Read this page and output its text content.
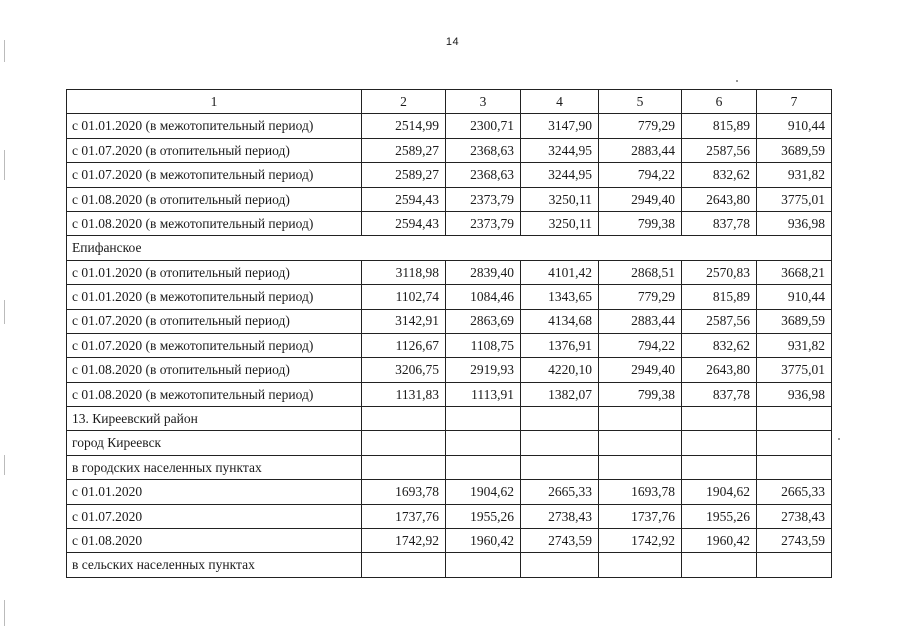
14
1	2	3	4	5	6	7
с 01.01.2020 (в межотопительный период)	2514,99	2300,71	3147,90	779,29	815,89	910,44
с 01.07.2020 (в отопительный период)	2589,27	2368,63	3244,95	2883,44	2587,56	3689,59
с 01.07.2020 (в межотопительный период)	2589,27	2368,63	3244,95	794,22	832,62	931,82
с 01.08.2020 (в отопительный период)	2594,43	2373,79	3250,11	2949,40	2643,80	3775,01
с 01.08.2020 (в межотопительный период)	2594,43	2373,79	3250,11	799,38	837,78	936,98
Епифанское						
с 01.01.2020 (в отопительный период)	3118,98	2839,40	4101,42	2868,51	2570,83	3668,21
с 01.01.2020 (в межотопительный период)	1102,74	1084,46	1343,65	779,29	815,89	910,44
с 01.07.2020 (в отопительный период)	3142,91	2863,69	4134,68	2883,44	2587,56	3689,59
с 01.07.2020 (в межотопительный период)	1126,67	1108,75	1376,91	794,22	832,62	931,82
с 01.08.2020 (в отопительный период)	3206,75	2919,93	4220,10	2949,40	2643,80	3775,01
с 01.08.2020 (в межотопительный период)	1131,83	1113,91	1382,07	799,38	837,78	936,98
13. Киреевский район						
город Киреевск						
в городских населенных пунктах						
с 01.01.2020	1693,78	1904,62	2665,33	1693,78	1904,62	2665,33
с 01.07.2020	1737,76	1955,26	2738,43	1737,76	1955,26	2738,43
с 01.08.2020	1742,92	1960,42	2743,59	1742,92	1960,42	2743,59
в сельских населенных пунктах						
